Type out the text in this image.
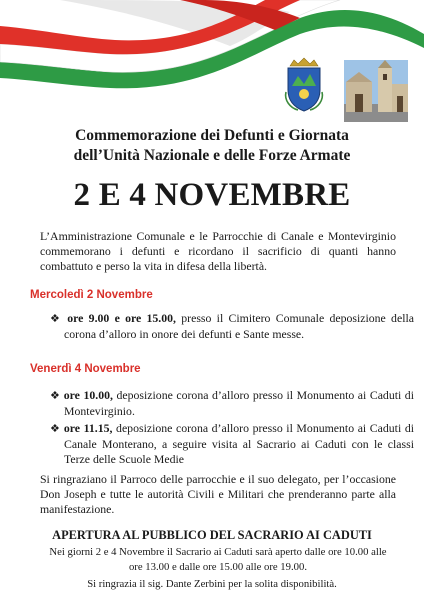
Commemorazione dei Defunti e Giornata
dell’Unità Nazionale e delle Forze Armate
2 E 4 NOVEMBRE
L’Amministrazione Comunale e le Parrocchie di Canale e Montevirginio commemorano i defunti e ricordano il sacrificio di quanti hanno combattuto e perso la vita in difesa della libertà.
Mercoledì 2 Novembre
❖ ore 9.00 e ore 15.00, presso il Cimitero Comunale deposizione della corona d’alloro in onore dei defunti e Sante messe.
Venerdì 4 Novembre
❖ ore 10.00, deposizione corona d’alloro presso il Monumento ai Caduti di Montevirginio.
❖ ore 11.15, deposizione corona d’alloro presso il Monumento ai Caduti di Canale Monterano, a seguire visita al Sacrario ai Caduti con le classi Terze delle Scuole Medie
Si ringraziano il Parroco delle parrocchie e il suo delegato, per l’occasione Don Joseph e tutte le autorità Civili e Militari che prenderanno parte alla manifestazione.
APERTURA AL PUBBLICO DEL SACRARIO AI CADUTI
Nei giorni 2 e 4 Novembre il Sacrario ai Caduti sarà aperto dalle ore 10.00 alle
ore 13.00 e dalle ore 15.00 alle ore 19.00.
Si ringrazia il sig. Dante Zerbini per la solita disponibilità.
